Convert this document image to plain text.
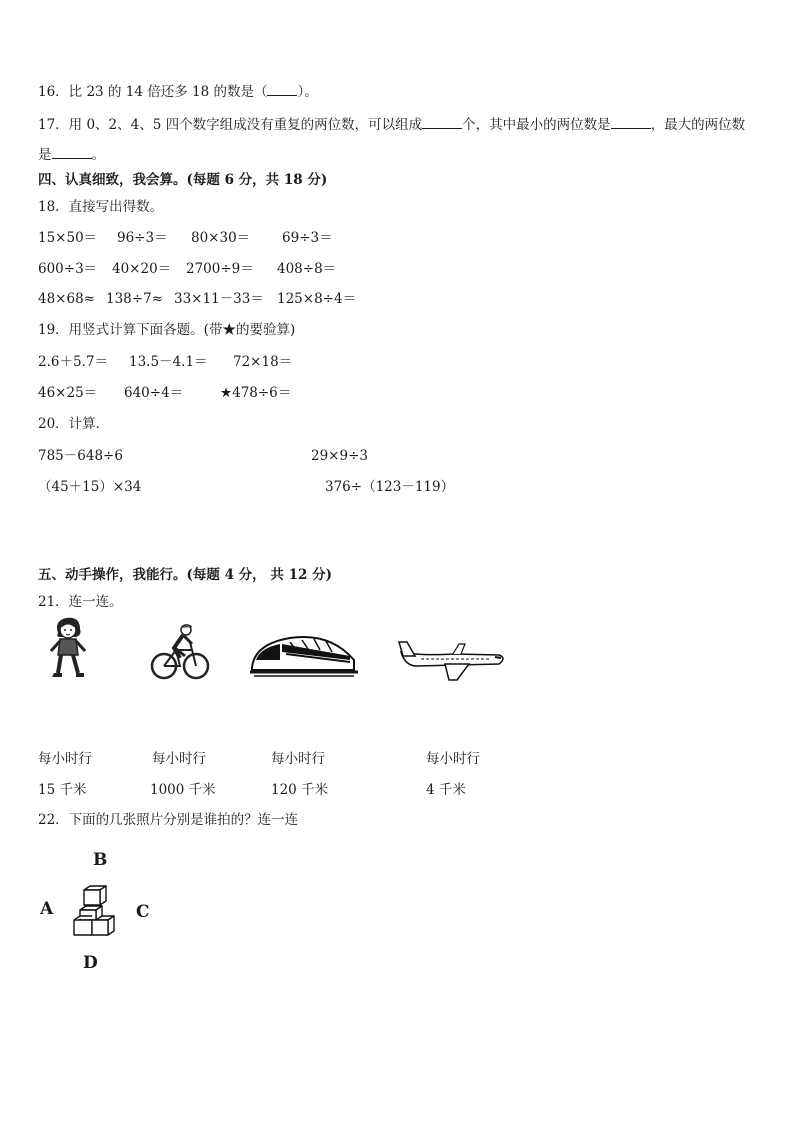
16．比 23 的 14 倍还多 18 的数是（ ）。
17．用 0、2、4、5 四个数字组成没有重复的两位数，可以组成	个，其中最小的两位数是	，最大的两位数
是	。
四、认真细致，我会算。(每题 6 分，共 18 分)
18．直接写出得数。
15×50＝ 96÷3＝ 80×30＝ 69÷3＝
600÷3＝ 40×20＝ 2700÷9＝ 408÷8＝
48×68≈ 138÷7≈ 33×11－33＝ 125×8÷4＝
19．用竖式计算下面各题。(带★的要验算)
2.6＋5.7＝ 13.5－4.1＝ 72×18＝
46×25＝ 640÷4＝	★478÷6＝
20．计算．
785－648÷6	29×9÷3
（45＋15）×34	376÷（123－119）
五、动手操作，我能行。(每题 4 分， 共 12 分)
21．连一连。
每小时行	每小时行	每小时行	每小时行
15 千米	1000 千米	120 千米	4 千米
22．下面的几张照片分别是谁拍的？连一连
B
A	C
D
